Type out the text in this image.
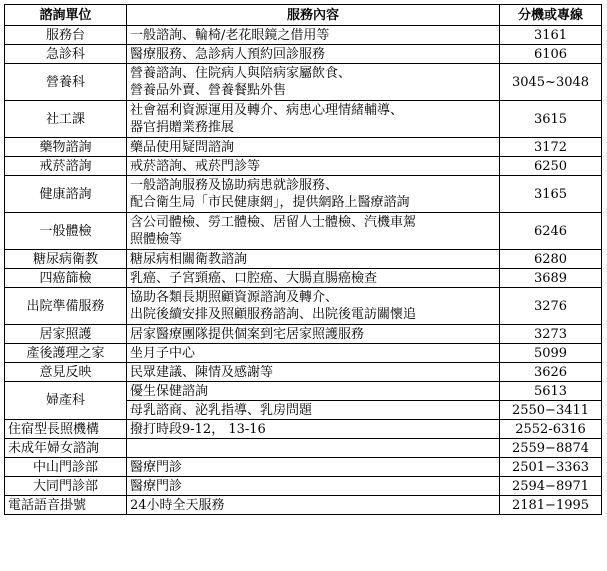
諮詢單位	服務內容	分機或專線
服務台	一般諮詢、輪椅/老花眼鏡之借用等	3161
急診科	醫療服務、急診病人預約回診服務	6106
營養科	營養諮詢、住院病人與陪病家屬飲食、
營養品外賣、營養餐點外售	3045~3048
社工課	社會福利資源運用及轉介、病患心理情緒輔導、
器官捐贈業務推展	3615
藥物諮詢	藥品使用疑問諮詢	3172
戒菸諮詢	戒菸諮詢、戒菸門診等	6250
健康諮詢	一般諮詢服務及協助病患就診服務、
配合衛生局「市民健康網」，提供網路上醫療諮詢	3165
一般體檢	含公司體檢、勞工體檢、居留人士體檢、汽機車駕
照體檢等	6246
糖尿病衛教	糖尿病相關衛教諮詢	6280
四癌篩檢	乳癌、子宮頸癌、口腔癌、大腸直腸癌檢查	3689
出院準備服務	協助各類長期照顧資源諮詢及轉介、
出院後續安排及照顧服務諮詢、出院後電訪關懷追	3276
居家照護	居家醫療團隊提供個案到宅居家照護服務	3273
產後護理之家	坐月子中心	5099
意見反映	民眾建議、陳情及感謝等	3626
婦產科	優生保健諮詢	5613
	母乳諮商、泌乳指導、乳房問題	2550−3411
住宿型長照機構	撥打時段9-12， 13-16	2552-6316
未成年婦女諮詢		2559−8874
中山門診部	醫療門診	2501−3363
大同門診部	醫療門診	2594−8971
電話語音掛號	24小時全天服務	2181−1995
